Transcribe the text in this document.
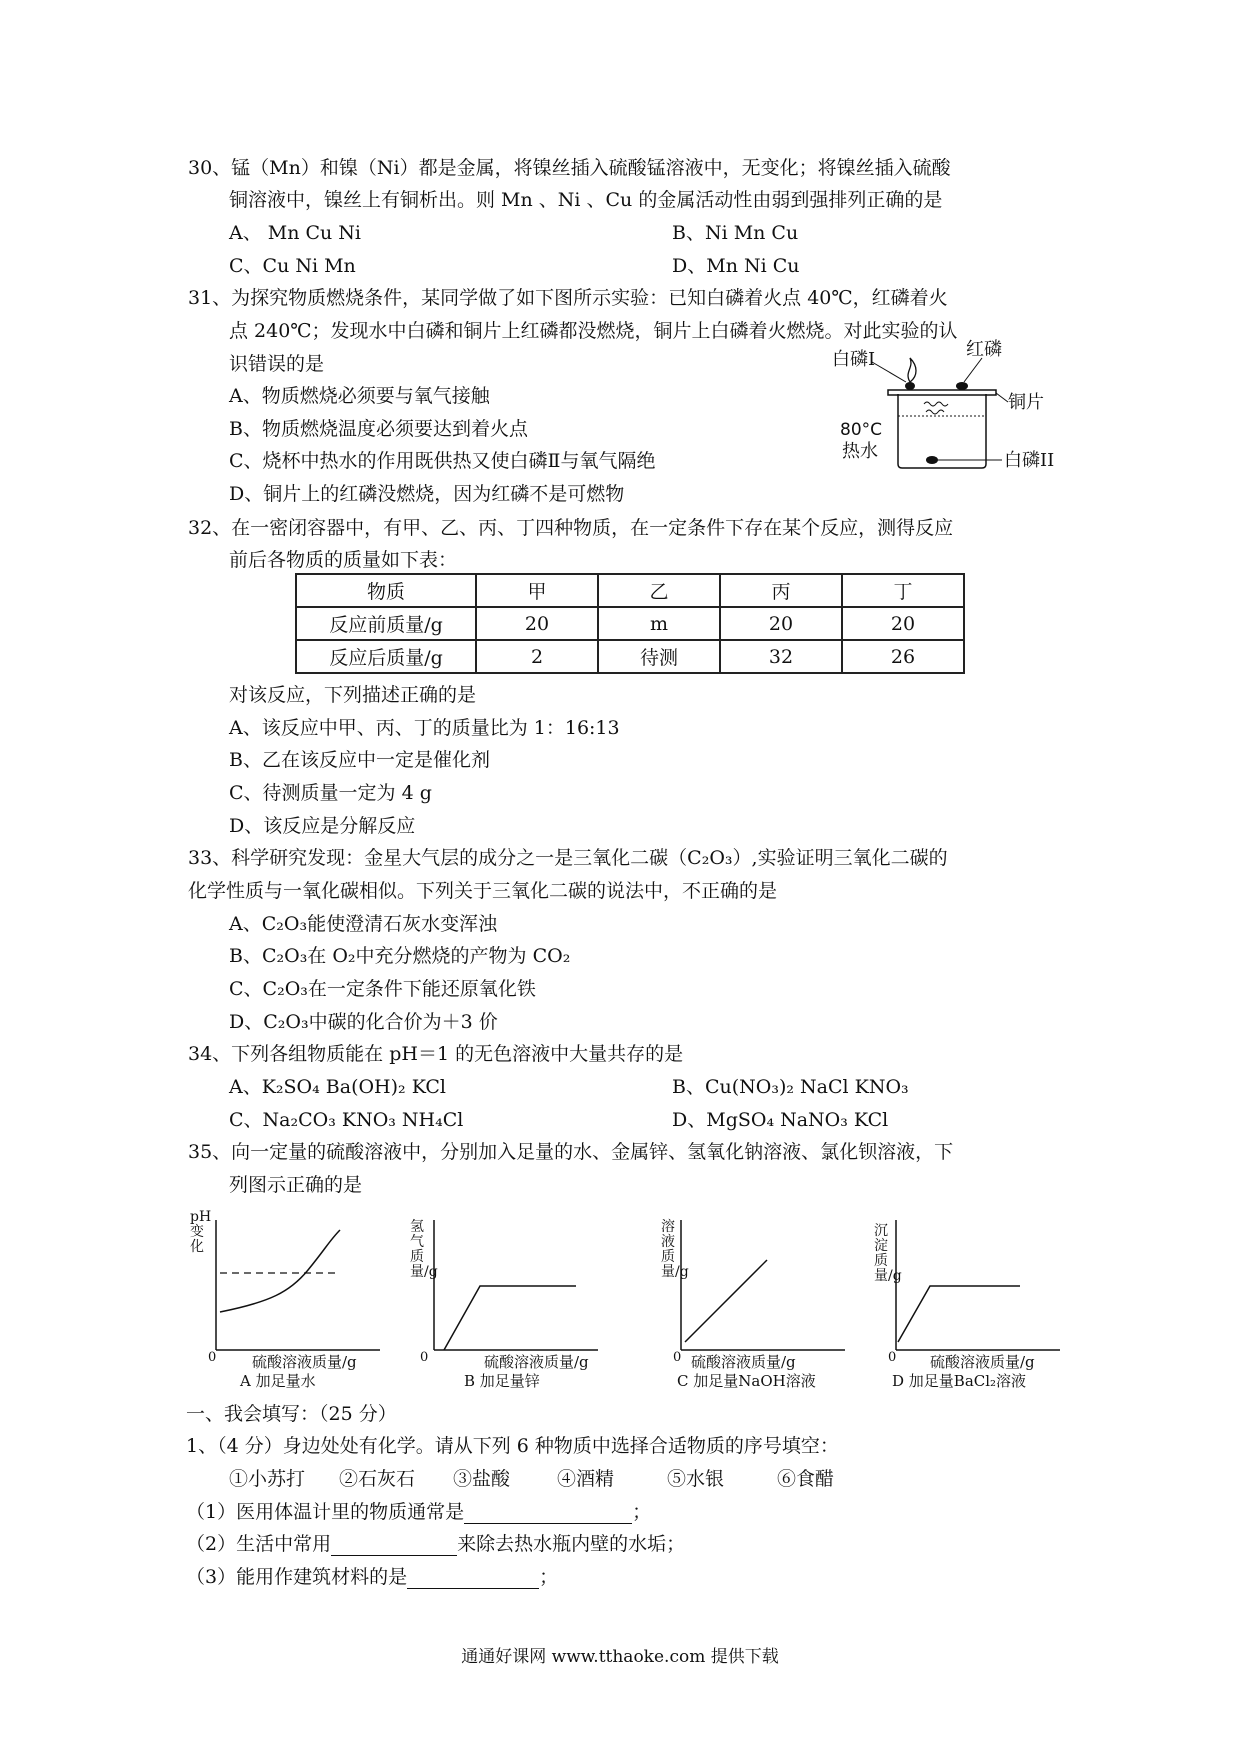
30、锰（Mn）和镍（Ni）都是金属，将镍丝插入硫酸锰溶液中，无变化；将镍丝插入硫酸
铜溶液中，镍丝上有铜析出。则 Mn 、Ni 、Cu 的金属活动性由弱到强排列正确的是
A、 Mn Cu Ni	B、Ni Mn Cu
C、Cu Ni Mn	D、Mn Ni Cu
31、为探究物质燃烧条件，某同学做了如下图所示实验：已知白磷着火点 40℃，红磷着火
点 240℃；发现水中白磷和铜片上红磷都没燃烧，铜片上白磷着火燃烧。对此实验的认
识错误的是
A、物质燃烧必须要与氧气接触
B、物质燃烧温度必须要达到着火点
C、烧杯中热水的作用既供热又使白磷Ⅱ与氧气隔绝
D、铜片上的红磷没燃烧，因为红磷不是可燃物
白磷Ⅰ	红磷
铜片
80°C
热水	白磷II
32、在一密闭容器中，有甲、乙、丙、丁四种物质，在一定条件下存在某个反应，测得反应
前后各物质的质量如下表：
物质	甲	乙	丙	丁
反应前质量/g	20	m	20	20
反应后质量/g	2	待测	32	26
对该反应，下列描述正确的是
A、该反应中甲、丙、丁的质量比为 1：16:13
B、乙在该反应中一定是催化剂
C、待测质量一定为 4 g
D、该反应是分解反应
33、科学研究发现：金星大气层的成分之一是三氧化二碳（C₂O₃）,实验证明三氧化二碳的
化学性质与一氧化碳相似。下列关于三氧化二碳的说法中，不正确的是
A、C₂O₃能使澄清石灰水变浑浊
B、C₂O₃在 O₂中充分燃烧的产物为 CO₂
C、C₂O₃在一定条件下能还原氧化铁
D、C₂O₃中碳的化合价为＋3 价
34、下列各组物质能在 pH＝1 的无色溶液中大量共存的是
A、K₂SO₄ Ba(OH)₂ KCl	B、Cu(NO₃)₂ NaCl KNO₃
C、Na₂CO₃ KNO₃ NH₄Cl	D、MgSO₄ NaNO₃ KCl
35、向一定量的硫酸溶液中，分别加入足量的水、金属锌、氢氧化钠溶液、氯化钡溶液，下
列图示正确的是
pH变化
0 硫酸溶液质量/g
A 加足量水
氢气质量/g
0	硫酸溶液质量/g
B 加足量锌
溶液质量/g
0 硫酸溶液质量/g
C 加足量NaOH溶液
沉淀质量/g
0 硫酸溶液质量/g
D 加足量BaCl₂溶液
一、我会填写：（25 分）
1、（4 分）身边处处有化学。请从下列 6 种物质中选择合适物质的序号填空：
①小苏打 ②石灰石 ③盐酸 ④酒精	⑤水银	⑥食醋
（1）医用体温计里的物质通常是	；
（2）生活中常用	来除去热水瓶内壁的水垢；
（3）能用作建筑材料的是	；
通通好课网 www.tthaoke.com 提供下载
